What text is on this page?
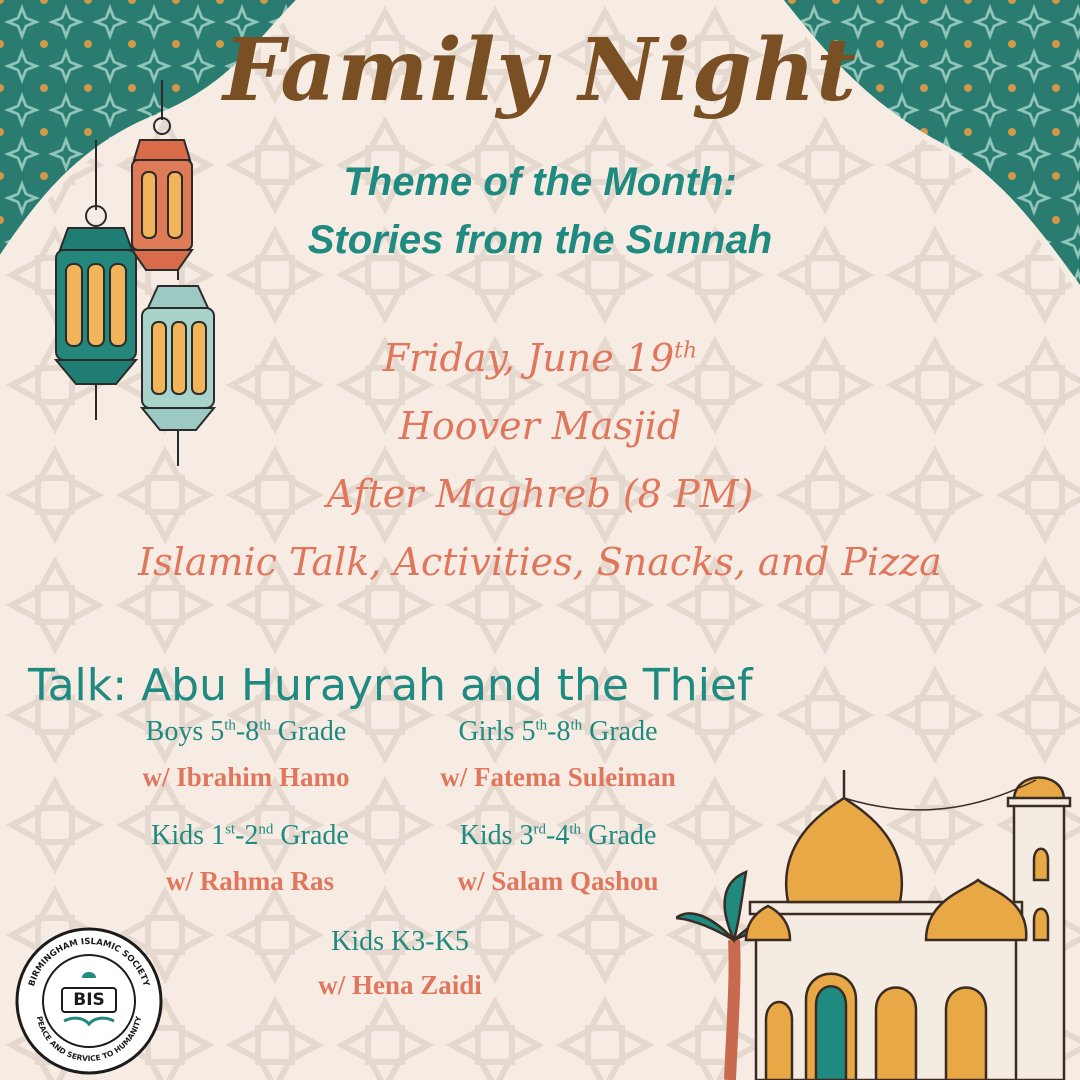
BIRMINGHAM ISLAMIC SOCIETY
PEACE AND SERVICE TO HUMANITY
BIS
Family Night
Theme of the Month:
Stories from the Sunnah
Friday, June 19th
Hoover Masjid
After Maghreb (8 PM)
Islamic Talk, Activities, Snacks, and Pizza
Talk: Abu Hurayrah and the Thief
Boys 5th-8th Grade
w/ Ibrahim Hamo
Girls 5th-8th Grade
w/ Fatema Suleiman
Kids 1st-2nd Grade
w/ Rahma Ras
Kids 3rd-4th Grade
w/ Salam Qashou
Kids K3-K5
w/ Hena Zaidi
